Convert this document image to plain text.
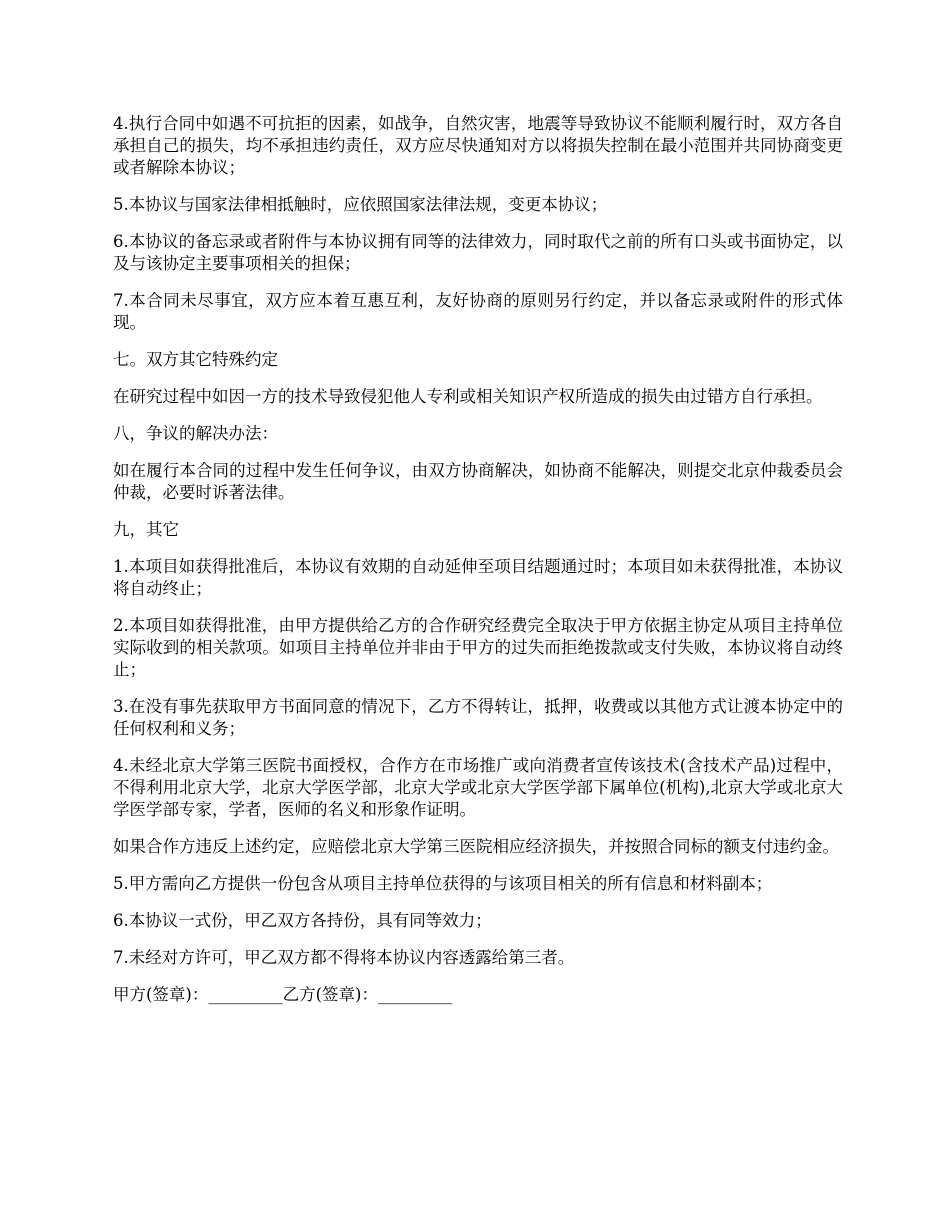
4.执行合同中如遇不可抗拒的因素，如战争，自然灾害，地震等导致协议不能顺利履行时，双方各自承担自己的损失，均不承担违约责任，双方应尽快通知对方以将损失控制在最小范围并共同协商变更或者解除本协议；

5.本协议与国家法律相抵触时，应依照国家法律法规，变更本协议；

6.本协议的备忘录或者附件与本协议拥有同等的法律效力，同时取代之前的所有口头或书面协定，以及与该协定主要事项相关的担保；

7.本合同未尽事宜，双方应本着互惠互利，友好协商的原则另行约定，并以备忘录或附件的形式体现。

七。双方其它特殊约定

在研究过程中如因一方的技术导致侵犯他人专利或相关知识产权所造成的损失由过错方自行承担。

八，争议的解决办法：

如在履行本合同的过程中发生任何争议，由双方协商解决，如协商不能解决，则提交北京仲裁委员会仲裁，必要时诉著法律。

九，其它

1.本项目如获得批准后，本协议有效期的自动延伸至项目结题通过时；本项目如未获得批准，本协议将自动终止；

2.本项目如获得批准，由甲方提供给乙方的合作研究经费完全取决于甲方依据主协定从项目主持单位实际收到的相关款项。如项目主持单位并非由于甲方的过失而拒绝拨款或支付失败，本协议将自动终止；

3.在没有事先获取甲方书面同意的情况下，乙方不得转让，抵押，收费或以其他方式让渡本协定中的任何权利和义务；

4.未经北京大学第三医院书面授权，合作方在市场推广或向消费者宣传该技术(含技术产品)过程中，不得利用北京大学，北京大学医学部，北京大学或北京大学医学部下属单位(机构),北京大学或北京大学医学部专家，学者，医师的名义和形象作证明。

如果合作方违反上述约定，应赔偿北京大学第三医院相应经济损失，并按照合同标的额支付违约金。

5.甲方需向乙方提供一份包含从项目主持单位获得的与该项目相关的所有信息和材料副本；

6.本协议一式份，甲乙双方各持份，具有同等效力；

7.未经对方许可，甲乙双方都不得将本协议内容透露给第三者。

甲方(签章)：_________乙方(签章)：_________
